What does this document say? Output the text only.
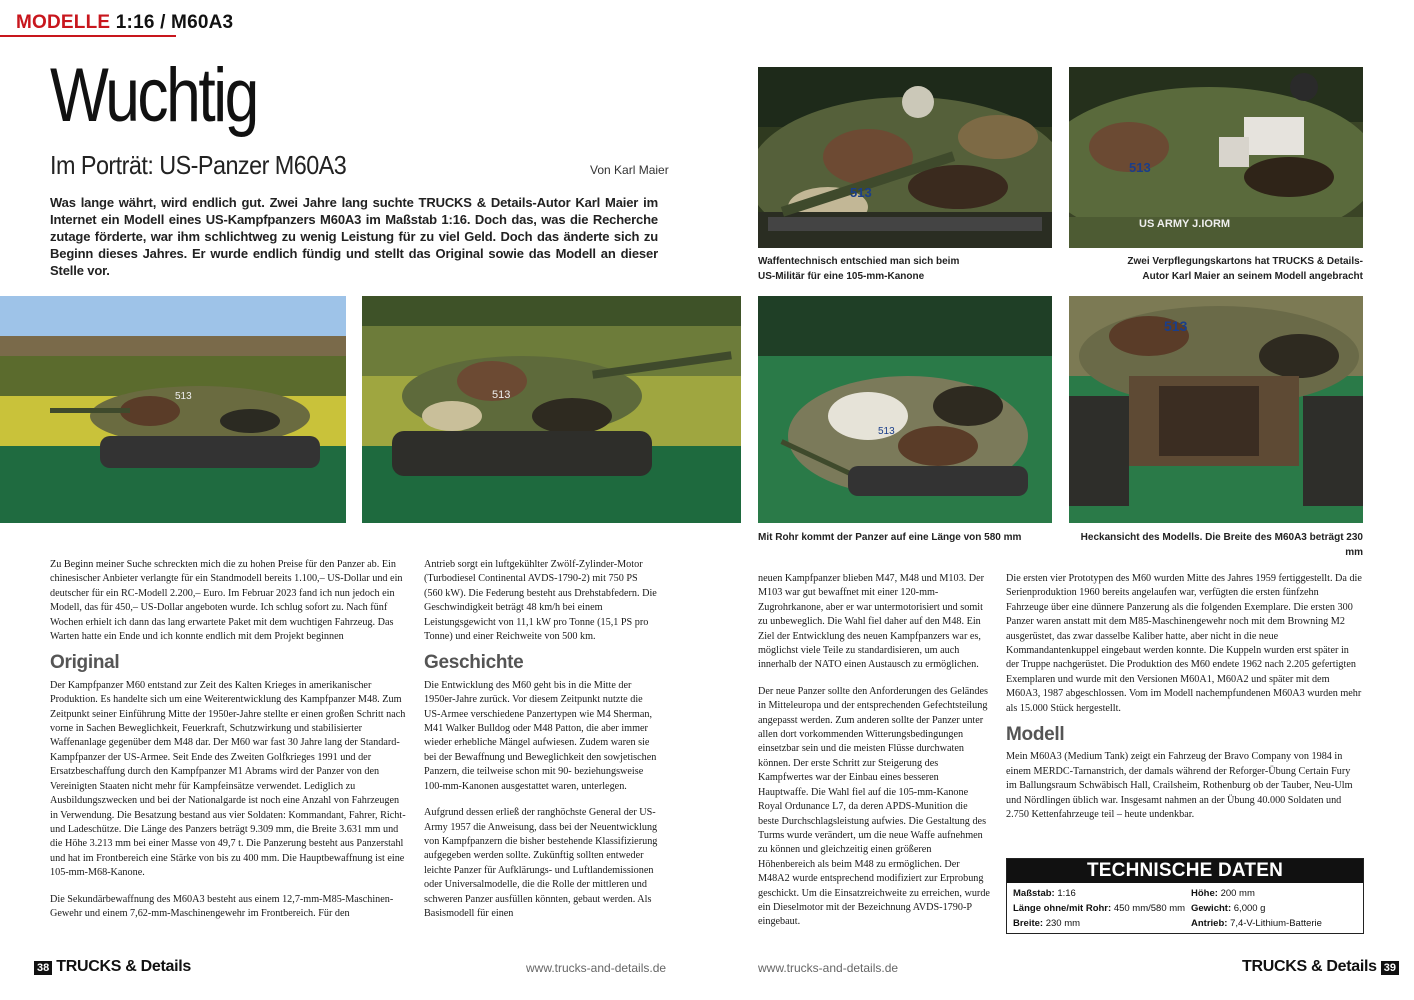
MODELLE 1:16 / M60A3
Wuchtig
Im Porträt: US-Panzer M60A3	Von Karl Maier
Was lange währt, wird endlich gut. Zwei Jahre lang suchte TRUCKS & Details-Autor Karl Maier im Internet ein Modell eines US-Kampfpanzers M60A3 im Maßstab 1:16. Doch das, was die Recherche zutage förderte, war ihm schlichtweg zu wenig Leistung für zu viel Geld. Doch das änderte sich zu Beginn dieses Jahres. Er wurde endlich fündig und stellt das Original sowie das Modell an dieser Stelle vor.
513
US ARMY J.IORM
513
Waffentechnisch entschied man sich beim
US-Militär für eine 105-mm-Kanone
Zwei Verpflegungskartons hat TRUCKS & Details-
Autor Karl Maier an seinem Modell angebracht
513	513
513
513
Mit Rohr kommt der Panzer auf eine Länge von 580 mm	Heckansicht des Modells. Die Breite des M60A3 beträgt 230 mm

Zu Beginn meiner Suche schreckten mich die zu hohen Preise für den Panzer ab. Ein chinesischer Anbieter verlangte für ein Standmodell bereits 1.100,– US-Dollar und ein deutscher für ein RC-Modell 2.200,– Euro. Im Februar 2023 fand ich nun jedoch ein Modell, das für 450,– US-Dollar angeboten wurde. Ich schlug sofort zu. Nach fünf Wochen erhielt ich dann das lang erwartete Paket mit dem wuchtigen Fahrzeug. Das Warten hatte ein Ende und ich konnte endlich mit dem Projekt beginnen

Original

Der Kampfpanzer M60 entstand zur Zeit des Kalten Krieges in amerikanischer Produktion. Es handelte sich um eine Weiterentwicklung des Kampfpanzer M48. Zum Zeitpunkt seiner Einführung Mitte der 1950er-Jahre stellte er einen großen Schritt nach vorne in Sachen Beweglichkeit, Feuerkraft, Schutzwirkung und stabilisierter Waffenanlage gegenüber dem M48 dar. Der M60 war fast 30 Jahre lang der Standard-Kampfpanzer der US-Armee. Seit Ende des Zweiten Golfkrieges 1991 und der Ersatzbeschaffung durch den Kampfpanzer M1 Abrams wird der Panzer von den Vereinigten Staaten nicht mehr für Kampfeinsätze verwendet. Lediglich zu Ausbildungszwecken und bei der Nationalgarde ist noch eine Anzahl von Fahrzeugen in Verwendung. Die Besatzung bestand aus vier Soldaten: Kommandant, Fahrer, Richt- und Ladeschütze. Die Länge des Panzers beträgt 9.309 mm, die Breite 3.631 mm und die Höhe 3.213 mm bei einer Masse von 49,7 t. Die Panzerung besteht aus Panzerstahl und hat im Frontbereich eine Stärke von bis zu 400 mm. Die Hauptbewaffnung ist eine 105-mm-M68-Kanone.

Die Sekundärbewaffnung des M60A3 besteht aus einem 12,7-mm-M85-Maschinen-Gewehr und einem 7,62-mm-Maschinengewehr im Frontbereich. Für den

Antrieb sorgt ein luftgekühlter Zwölf-Zylinder-Motor (Turbodiesel Continental AVDS-1790-2) mit 750 PS (560 kW). Die Federung besteht aus Drehstabfedern. Die Geschwindigkeit beträgt 48 km/h bei einem Leistungsgewicht von 11,1 kW pro Tonne (15,1 PS pro Tonne) und einer Reichweite von 500 km.

Geschichte

Die Entwicklung des M60 geht bis in die Mitte der 1950er-Jahre zurück. Vor diesem Zeitpunkt nutzte die US-Armee verschiedene Panzertypen wie M4 Sherman, M41 Walker Bulldog oder M48 Patton, die aber immer wieder erhebliche Mängel aufwiesen. Zudem waren sie bei der Bewaffnung und Beweglichkeit den sowjetischen Panzern, die teilweise schon mit 90- beziehungsweise 100-mm-Kanonen ausgestattet waren, unterlegen.

Aufgrund dessen erließ der ranghöchste General der US-Army 1957 die Anweisung, dass bei der Neuentwicklung von Kampfpanzern die bisher bestehende Klassifizierung aufgegeben werden sollte. Zukünftig sollten entweder leichte Panzer für Aufklärungs- und Luftlandemissionen oder Universalmodelle, die die Rolle der mittleren und schweren Panzer ausfüllen könnten, gebaut werden. Als Basismodell für einen

neuen Kampfpanzer blieben M47, M48 und M103. Der M103 war gut bewaffnet mit einer 120-mm-Zugrohrkanone, aber er war untermotorisiert und somit zu unbeweglich. Die Wahl fiel daher auf den M48. Ein Ziel der Entwicklung des neuen Kampfpanzers war es, möglichst viele Teile zu standardisieren, um auch innerhalb der NATO einen Austausch zu ermöglichen.

Der neue Panzer sollte den Anforderungen des Geländes in Mitteleuropa und der entsprechenden Gefechtsteilung angepasst werden. Zum anderen sollte der Panzer unter allen dort vorkommenden Witterungsbedingungen einsetzbar sein und die meisten Flüsse durchwaten können. Der erste Schritt zur Steigerung des Kampfwertes war der Einbau eines besseren Hauptwaffe. Die Wahl fiel auf die 105-mm-Kanone Royal Ordunance L7, da deren APDS-Munition die beste Durchschlagsleistung aufwies. Die Gestaltung des Turms wurde verändert, um die neue Waffe aufnehmen zu können und gleichzeitig einen größeren Höhenbereich als beim M48 zu ermöglichen. Der M48A2 wurde entsprechend modifiziert zur Erprobung geschickt. Um die Einsatzreichweite zu erreichen, wurde ein Dieselmotor mit der Bezeichnung AVDS-1790-P eingebaut.

Die ersten vier Prototypen des M60 wurden Mitte des Jahres 1959 fertiggestellt. Da die Serienproduktion 1960 bereits angelaufen war, verfügten die ersten fünfzehn Fahrzeuge über eine dünnere Panzerung als die folgenden Exemplare. Die ersten 300 Panzer waren anstatt mit dem M85-Maschinengewehr noch mit dem Browning M2 ausgerüstet, das zwar dasselbe Kaliber hatte, aber nicht in die neue Kommandantenkuppel eingebaut werden konnte. Die Kuppeln wurden erst später in der Truppe nachgerüstet. Die Produktion des M60 endete 1962 nach 2.205 gefertigten Exemplaren und wurde mit den Versionen M60A1, M60A2 und später mit dem M60A3, 1987 abgeschlossen. Vom im Modell nachempfundenen M60A3 wurden mehr als 15.000 Stück hergestellt.

Modell

Mein M60A3 (Medium Tank) zeigt ein Fahrzeug der Bravo Company von 1984 in einem MERDC-Tarnanstrich, der damals während der Reforger-Übung Certain Fury im Ballungsraum Schwäbisch Hall, Crailsheim, Rothenburg ob der Tauber, Neu-Ulm und Nördlingen üblich war. Insgesamt nahmen an der Übung 40.000 Soldaten und 2.750 Kettenfahrzeuge teil – heute undenkbar.

TECHNISCHE DATEN
Maßstab: 1:16	Höhe: 200 mm
Länge ohne/mit Rohr: 450 mm/580 mm Gewicht: 6,000 g
Breite: 230 mm	Antrieb: 7,4-V-Lithium-Batterie
38 TRUCKS & Details	www.trucks-and-details.de	www.trucks-and-details.de	TRUCKS & Details 39
